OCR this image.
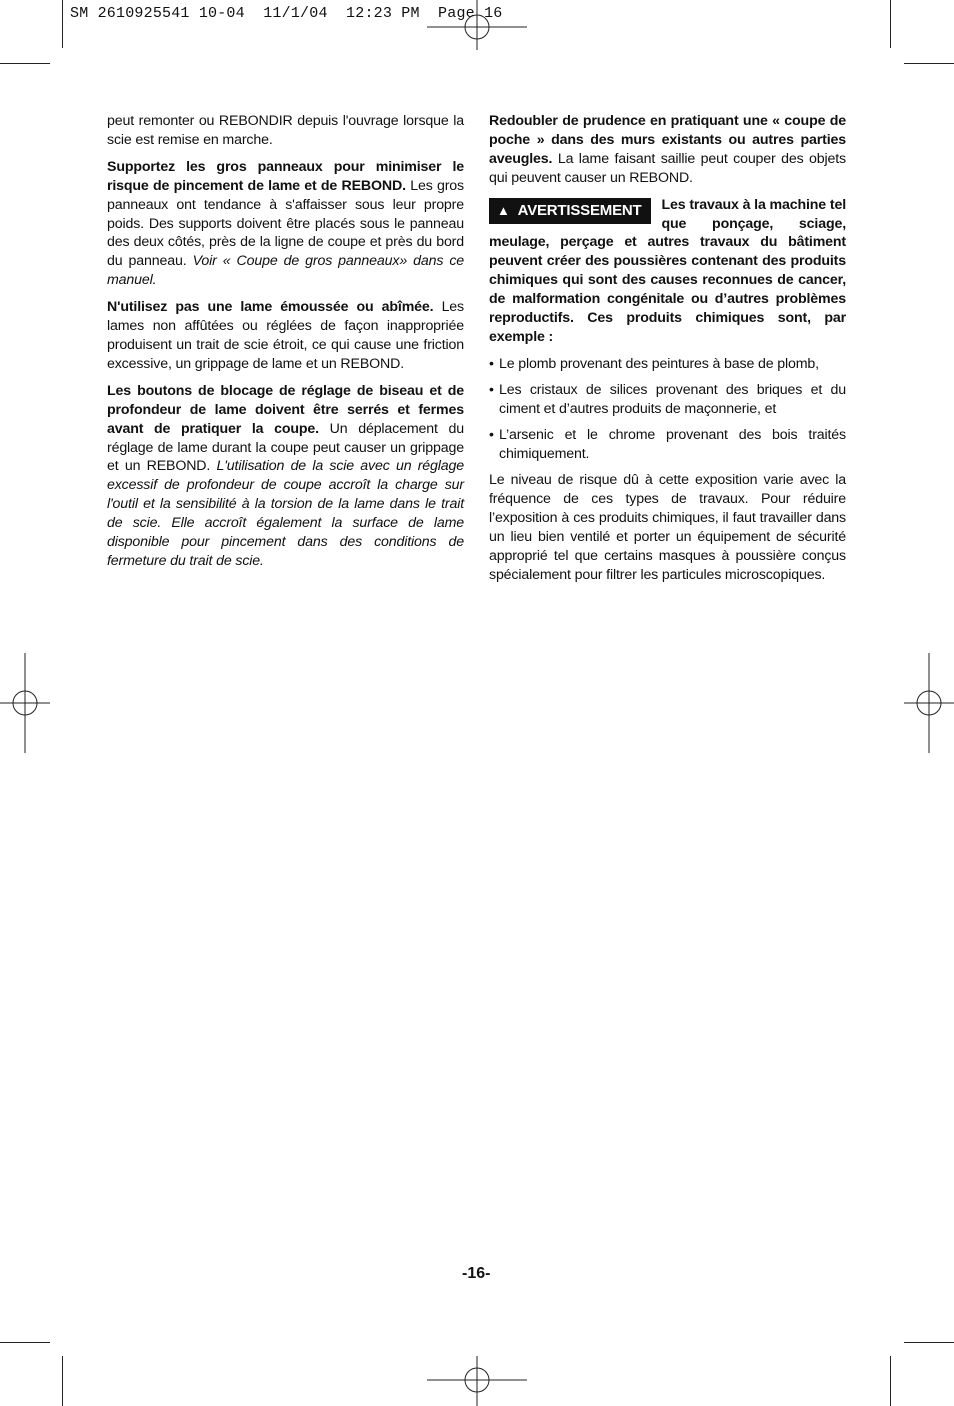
SM 2610925541 10-04  11/1/04  12:23 PM  Page 16

peut remonter ou REBONDIR depuis l'ouvrage lorsque la scie est remise en marche.

Supportez les gros panneaux pour minimiser le risque de pincement de lame et de REBOND. Les gros panneaux ont tendance à s'affaisser sous leur propre poids. Des supports doivent être placés sous le panneau des deux côtés, près de la ligne de coupe et près du bord du panneau. Voir « Coupe de gros panneaux» dans ce manuel.

N'utilisez pas une lame émoussée ou abîmée. Les lames non affûtées ou réglées de façon inappropriée produisent un trait de scie étroit, ce qui cause une friction excessive, un grippage de lame et un REBOND.

Les boutons de blocage de réglage de biseau et de profondeur de lame doivent être serrés et fermes avant de pratiquer la coupe. Un déplacement du réglage de lame durant la coupe peut causer un grippage et un REBOND. L'utilisation de la scie avec un réglage excessif de profondeur de coupe accroît la charge sur l'outil et la sensibilité à la torsion de la lame dans le trait de scie. Elle accroît également la surface de lame disponible pour pincement dans des conditions de fermeture du trait de scie.

Redoubler de prudence en pratiquant une « coupe de poche » dans des murs existants ou autres parties aveugles. La lame faisant saillie peut couper des objets qui peuvent causer un REBOND.

▲ AVERTISSEMENT	Les travaux à la machine tel que ponçage, sciage, meulage, perçage et autres travaux du bâtiment peuvent créer des poussières contenant des produits chimiques qui sont des causes reconnues de cancer, de malformation congénitale ou d’autres problèmes reproductifs. Ces produits chimiques sont, par exemple :

• Le plomb provenant des peintures à base de plomb,
• Les cristaux de silices provenant des briques et du ciment et d’autres produits de maçonnerie, et
• L’arsenic et le chrome provenant des bois traités chimiquement.

Le niveau de risque dû à cette exposition varie avec la fréquence de ces types de travaux. Pour réduire l’exposition à ces produits chimiques, il faut travailler dans un lieu bien ventilé et porter un équipement de sécurité approprié tel que certains masques à poussière conçus spécialement pour filtrer les particules microscopiques.

-16-
